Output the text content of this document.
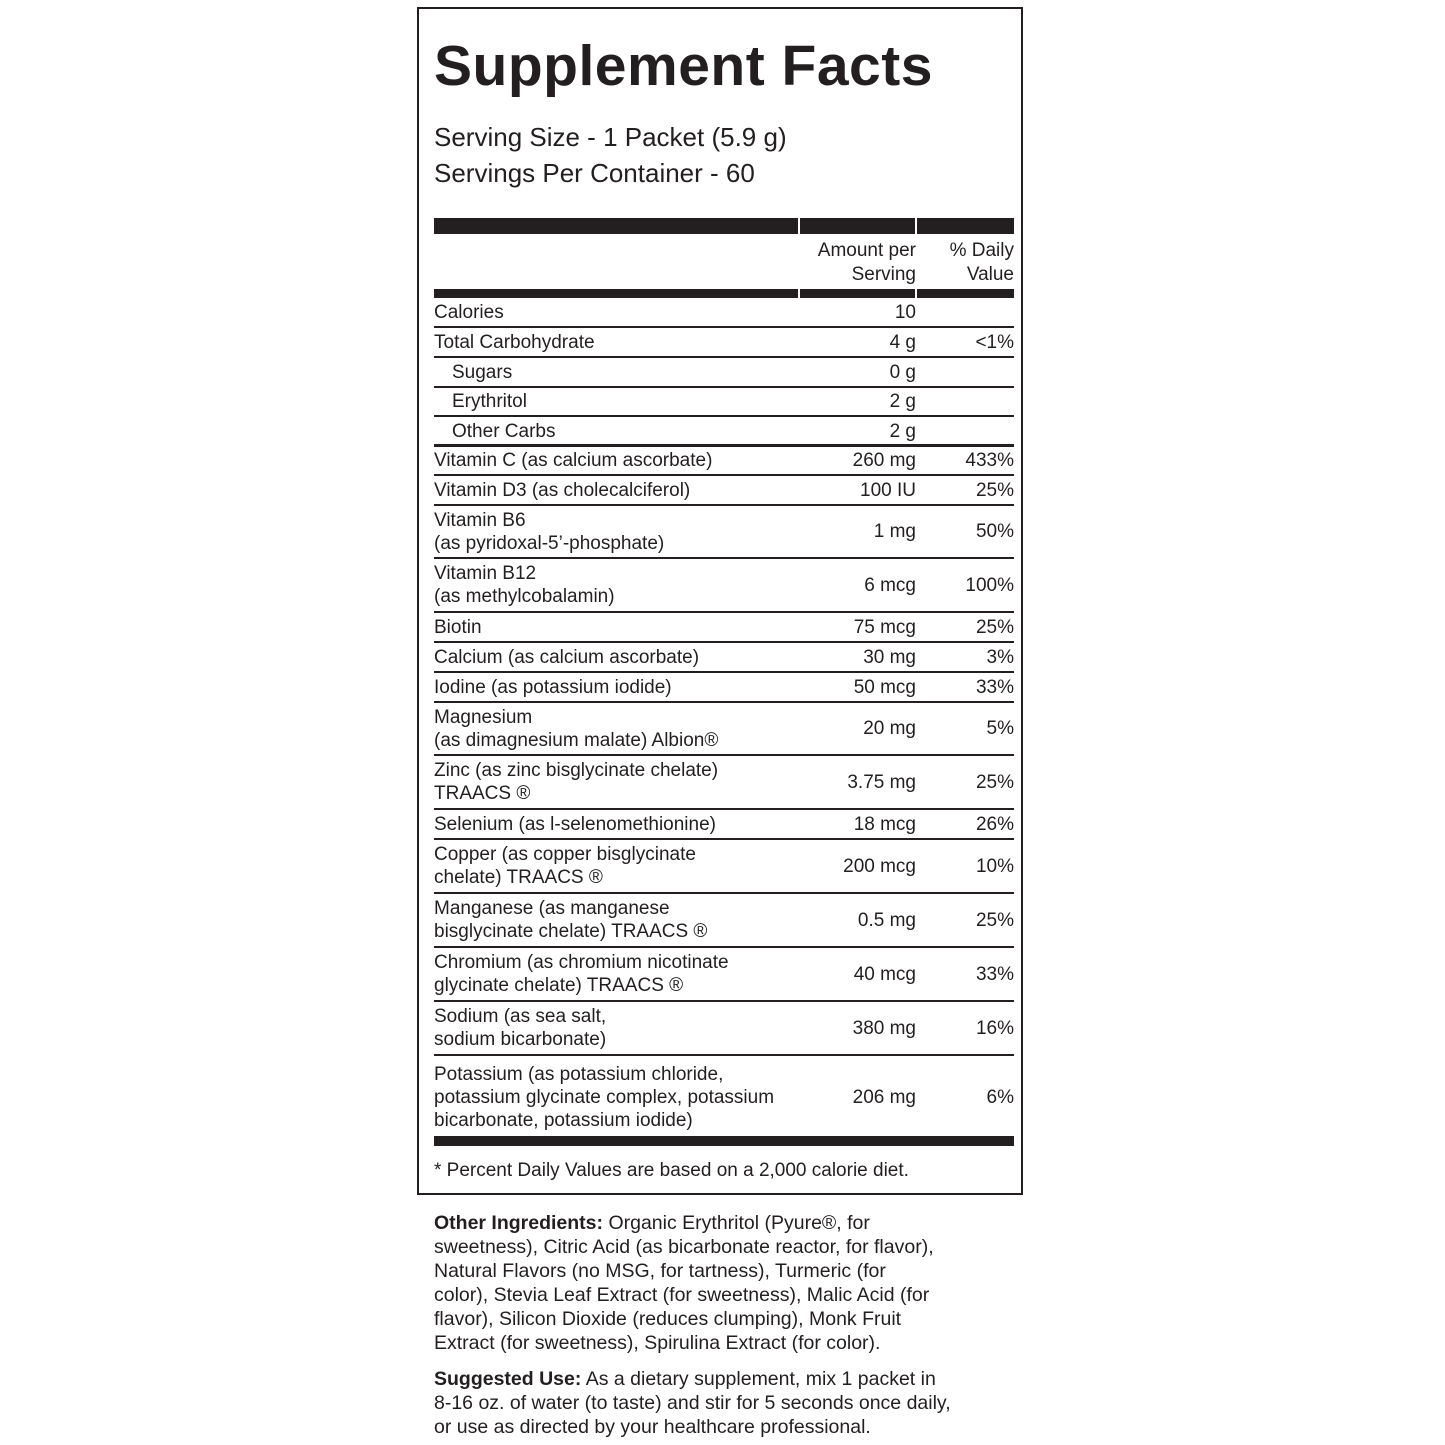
Supplement Facts
Serving Size - 1 Packet (5.9 g)
Servings Per Container - 60
Amount per
Serving
% Daily
Value
Calories	10
Total Carbohydrate	4 g	<1%
Sugars	0 g
Erythritol	2 g
Other Carbs	2 g
Vitamin C (as calcium ascorbate)	260 mg	433%
Vitamin D3 (as cholecalciferol)	100 IU	25%
Vitamin B6
(as pyridoxal-5’-phosphate)
1 mg	50%
Vitamin B12
(as methylcobalamin)
6 mcg	100%
Biotin	75 mcg	25%
Calcium (as calcium ascorbate)	30 mg	3%
Iodine (as potassium iodide)	50 mcg	33%
Magnesium
(as dimagnesium malate) Albion®
20 mg	5%
Zinc (as zinc bisglycinate chelate)
TRAACS ®
3.75 mg	25%
Selenium (as l-selenomethionine)	18 mcg	26%
Copper (as copper bisglycinate
chelate) TRAACS ®
200 mcg	10%
Manganese (as manganese
bisglycinate chelate) TRAACS ®
0.5 mg	25%
Chromium (as chromium nicotinate
glycinate chelate) TRAACS ®
40 mcg	33%
Sodium (as sea salt,
sodium bicarbonate)
380 mg	16%
Potassium (as potassium chloride,
potassium glycinate complex, potassium
bicarbonate, potassium iodide)
206 mg	6%
* Percent Daily Values are based on a 2,000 calorie diet.
Other Ingredients: Organic Erythritol (Pyure®, for
sweetness), Citric Acid (as bicarbonate reactor, for flavor),
Natural Flavors (no MSG, for tartness), Turmeric (for
color), Stevia Leaf Extract (for sweetness), Malic Acid (for
flavor), Silicon Dioxide (reduces clumping), Monk Fruit
Extract (for sweetness), Spirulina Extract (for color).
Suggested Use: As a dietary supplement, mix 1 packet in
8-16 oz. of water (to taste) and stir for 5 seconds once daily,
or use as directed by your healthcare professional.
